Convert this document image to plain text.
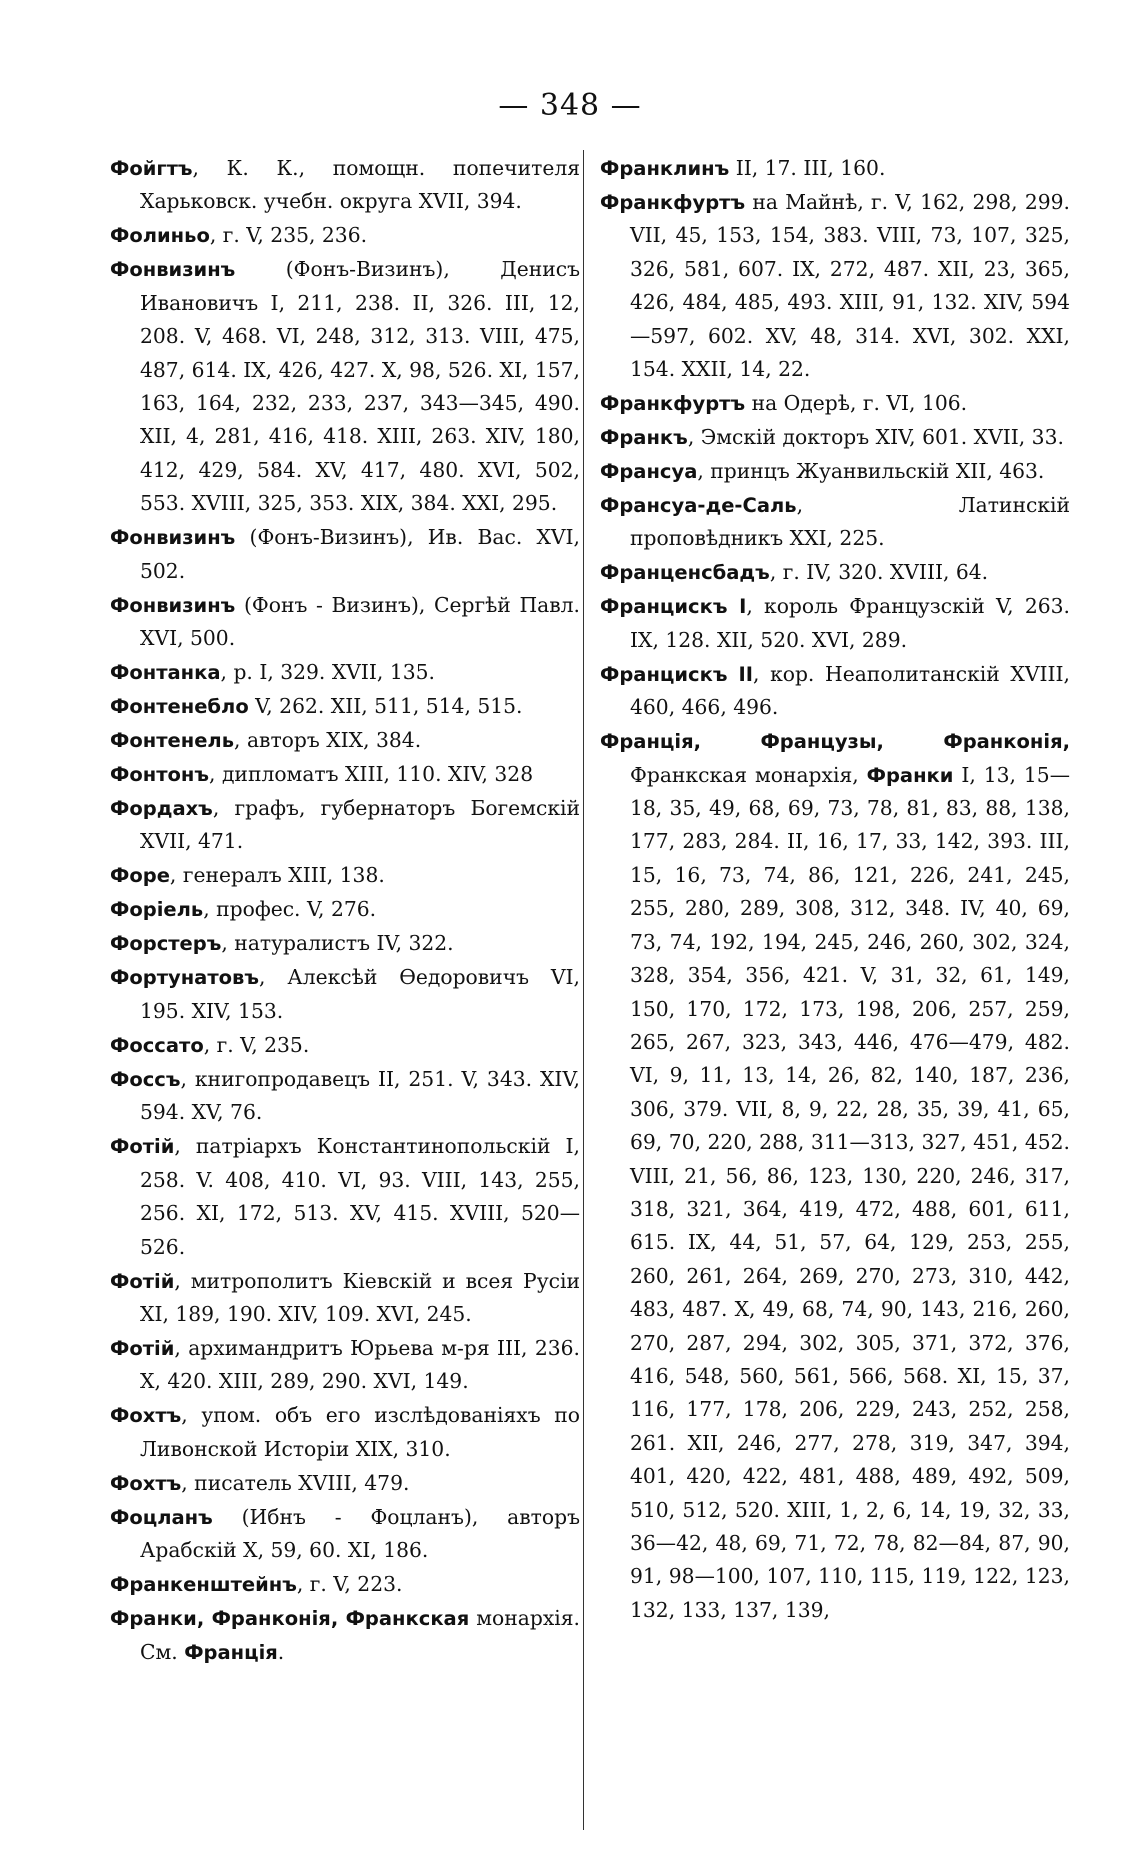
— 348 —
Фойгтъ, К. К., помощн. попечителя Харьковск. учебн. округа XVII, 394.
Фолиньо, г. V, 235, 236.
Фонвизинъ (Фонъ-Визинъ), Денисъ Ивановичъ I, 211, 238. II, 326. III, 12, 208. V, 468. VI, 248, 312, 313. VIII, 475, 487, 614. IX, 426, 427. X, 98, 526. XI, 157, 163, 164, 232, 233, 237, 343—345, 490. XII, 4, 281, 416, 418. XIII, 263. XIV, 180, 412, 429, 584. XV, 417, 480. XVI, 502, 553. XVIII, 325, 353. XIX, 384. XXI, 295.
Фонвизинъ (Фонъ-Визинъ), Ив. Вас. XVI, 502.
Фонвизинъ (Фонъ - Визинъ), Сергѣй Павл. XVI, 500.
Фонтанка, р. I, 329. XVII, 135.
Фонтенебло V, 262. XII, 511, 514, 515.
Фонтенель, авторъ XIX, 384.
Фонтонъ, дипломатъ XIII, 110. XIV, 328
Фордахъ, графъ, губернаторъ Богемскій XVII, 471.
Форе, генералъ XIII, 138.
Форіель, профес. V, 276.
Форстеръ, натуралистъ IV, 322.
Фортунатовъ, Алексѣй Ѳедоровичъ VI, 195. XIV, 153.
Фоссато, г. V, 235.
Фоссъ, книгопродавецъ II, 251. V, 343. XIV, 594. XV, 76.
Фотій, патріархъ Константинопольскій I, 258. V. 408, 410. VI, 93. VIII, 143, 255, 256. XI, 172, 513. XV, 415. XVIII, 520—526.
Фотій, митрополитъ Кіевскій и всея Русіи XI, 189, 190. XIV, 109. XVI, 245.
Фотій, архимандритъ Юрьева м-ря III, 236. X, 420. XIII, 289, 290. XVI, 149.
Фохтъ, упом. объ его изслѣдованіяхъ по Ливонской Исторіи XIX, 310.
Фохтъ, писатель XVIII, 479.
Фоцланъ (Ибнъ - Фоцланъ), авторъ Арабскій X, 59, 60. XI, 186.
Франкенштейнъ, г. V, 223.
Франки, Франконія, Франкская монархія. См. Франція.
Франклинъ II, 17. III, 160.
Франкфуртъ на Майнѣ, г. V, 162, 298, 299. VII, 45, 153, 154, 383. VIII, 73, 107, 325, 326, 581, 607. IX, 272, 487. XII, 23, 365, 426, 484, 485, 493. XIII, 91, 132. XIV, 594—597, 602. XV, 48, 314. XVI, 302. XXI, 154. XXII, 14, 22.
Франкфуртъ на Одерѣ, г. VI, 106.
Франкъ, Эмскій докторъ XIV, 601. XVII, 33.
Франсуа, принцъ Жуанвильскій XII, 463.
Франсуа-де-Саль, Латинскій проповѣдникъ XXI, 225.
Франценсбадъ, г. IV, 320. XVIII, 64.
Францискъ I, король Французскій V, 263. IX, 128. XII, 520. XVI, 289.
Францискъ II, кор. Неаполитанскій XVIII, 460, 466, 496.
Франція, Французы, Франконія, Франкская монархія, Франки I, 13, 15—18, 35, 49, 68, 69, 73, 78, 81, 83, 88, 138, 177, 283, 284. II, 16, 17, 33, 142, 393. III, 15, 16, 73, 74, 86, 121, 226, 241, 245, 255, 280, 289, 308, 312, 348. IV, 40, 69, 73, 74, 192, 194, 245, 246, 260, 302, 324, 328, 354, 356, 421. V, 31, 32, 61, 149, 150, 170, 172, 173, 198, 206, 257, 259, 265, 267, 323, 343, 446, 476—479, 482. VI, 9, 11, 13, 14, 26, 82, 140, 187, 236, 306, 379. VII, 8, 9, 22, 28, 35, 39, 41, 65, 69, 70, 220, 288, 311—313, 327, 451, 452. VIII, 21, 56, 86, 123, 130, 220, 246, 317, 318, 321, 364, 419, 472, 488, 601, 611, 615. IX, 44, 51, 57, 64, 129, 253, 255, 260, 261, 264, 269, 270, 273, 310, 442, 483, 487. X, 49, 68, 74, 90, 143, 216, 260, 270, 287, 294, 302, 305, 371, 372, 376, 416, 548, 560, 561, 566, 568. XI, 15, 37, 116, 177, 178, 206, 229, 243, 252, 258, 261. XII, 246, 277, 278, 319, 347, 394, 401, 420, 422, 481, 488, 489, 492, 509, 510, 512, 520. XIII, 1, 2, 6, 14, 19, 32, 33, 36—42, 48, 69, 71, 72, 78, 82—84, 87, 90, 91, 98—100, 107, 110, 115, 119, 122, 123, 132, 133, 137, 139,
